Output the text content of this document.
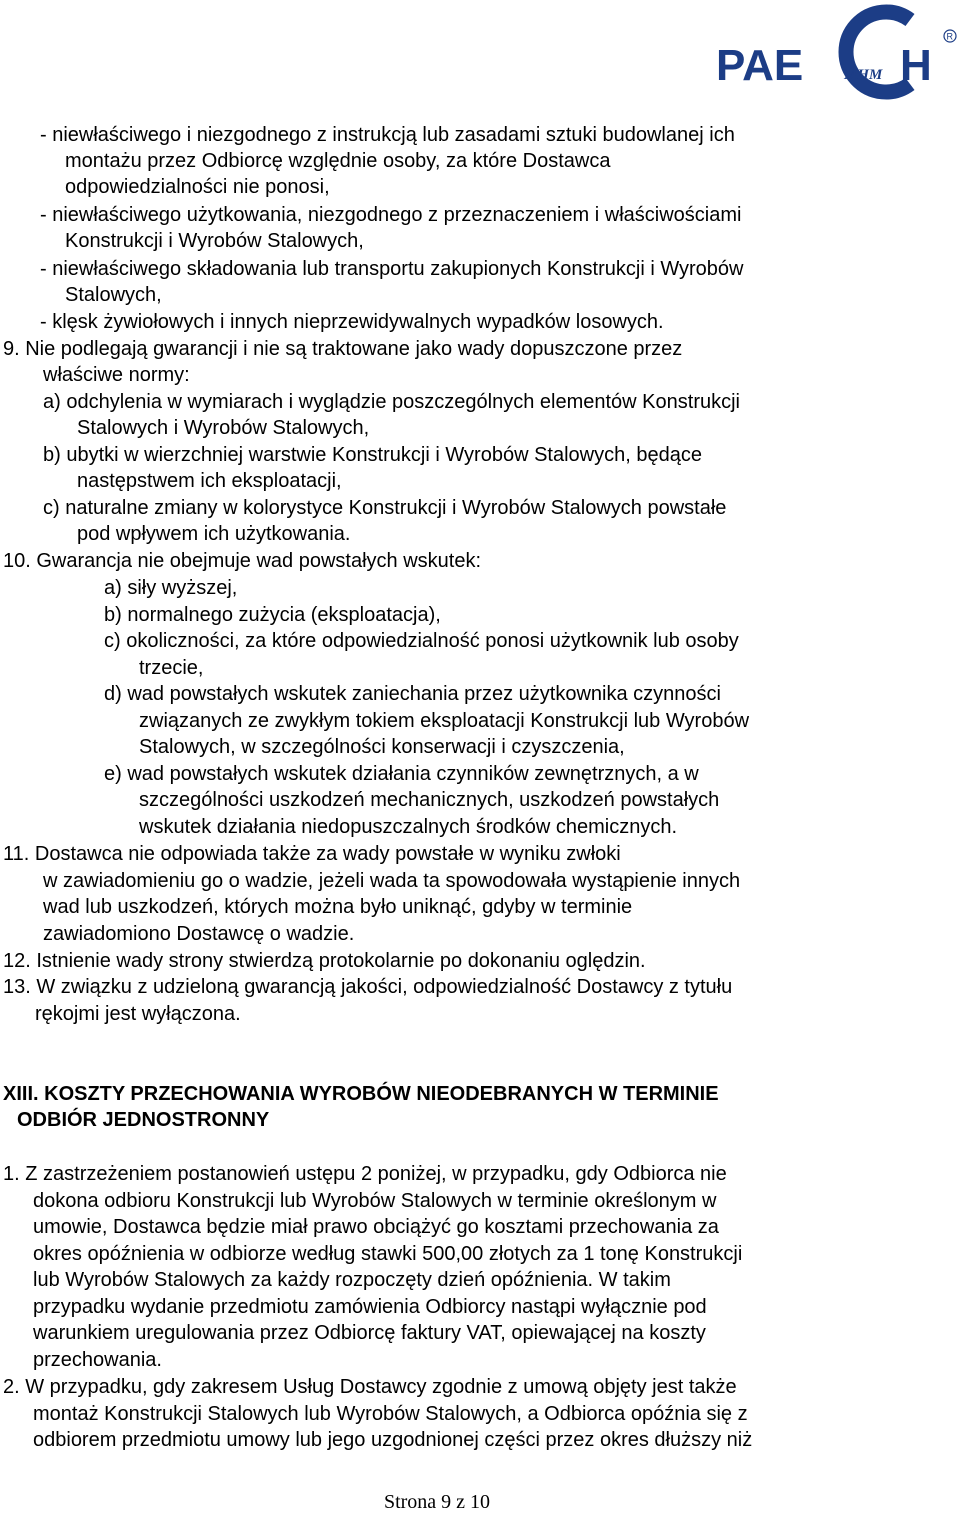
PAE H
MHM
R
- niewłaściwego i niezgodnego z instrukcją lub zasadami sztuki budowlanej ich
montażu przez Odbiorcę względnie osoby, za które Dostawca
odpowiedzialności nie ponosi,
- niewłaściwego użytkowania, niezgodnego z przeznaczeniem i właściwościami
Konstrukcji i Wyrobów Stalowych,
- niewłaściwego składowania lub transportu zakupionych Konstrukcji i Wyrobów
Stalowych,
- klęsk żywiołowych i innych nieprzewidywalnych wypadków losowych.
9. Nie podlegają gwarancji i nie są traktowane jako wady dopuszczone przez
właściwe normy:
a) odchylenia w wymiarach i wyglądzie poszczególnych elementów Konstrukcji
Stalowych i Wyrobów Stalowych,
b) ubytki w wierzchniej warstwie Konstrukcji i Wyrobów Stalowych, będące
następstwem ich eksploatacji,
c) naturalne zmiany w kolorystyce Konstrukcji i Wyrobów Stalowych powstałe
pod wpływem ich użytkowania.
10. Gwarancja nie obejmuje wad powstałych wskutek:
a) siły wyższej,
b) normalnego zużycia (eksploatacja),
c) okoliczności, za które odpowiedzialność ponosi użytkownik lub osoby
trzecie,
d) wad powstałych wskutek zaniechania przez użytkownika czynności
związanych ze zwykłym tokiem eksploatacji Konstrukcji lub Wyrobów
Stalowych, w szczególności konserwacji i czyszczenia,
e) wad powstałych wskutek działania czynników zewnętrznych, a w
szczególności uszkodzeń mechanicznych, uszkodzeń powstałych
wskutek działania niedopuszczalnych środków chemicznych.
11. Dostawca nie odpowiada także za wady powstałe w wyniku zwłoki
w zawiadomieniu go o wadzie, jeżeli wada ta spowodowała wystąpienie innych
wad lub uszkodzeń, których można było uniknąć, gdyby w terminie
zawiadomiono Dostawcę o wadzie.
12. Istnienie wady strony stwierdzą protokolarnie po dokonaniu oględzin.
13. W związku z udzieloną gwarancją jakości, odpowiedzialność Dostawcy z tytułu
rękojmi jest wyłączona.
XIII. KOSZTY PRZECHOWANIA WYROBÓW NIEODEBRANYCH W TERMINIE
ODBIÓR JEDNOSTRONNY
1. Z zastrzeżeniem postanowień ustępu 2 poniżej, w przypadku, gdy Odbiorca nie
dokona odbioru Konstrukcji lub Wyrobów Stalowych w terminie określonym w
umowie, Dostawca będzie miał prawo obciążyć go kosztami przechowania za
okres opóźnienia w odbiorze według stawki 500,00 złotych za 1 tonę Konstrukcji
lub Wyrobów Stalowych za każdy rozpoczęty dzień opóźnienia. W takim
przypadku wydanie przedmiotu zamówienia Odbiorcy nastąpi wyłącznie pod
warunkiem uregulowania przez Odbiorcę faktury VAT, opiewającej na koszty
przechowania.
2. W przypadku, gdy zakresem Usług Dostawcy zgodnie z umową objęty jest także
montaż Konstrukcji Stalowych lub Wyrobów Stalowych, a Odbiorca opóźnia się z
odbiorem przedmiotu umowy lub jego uzgodnionej części przez okres dłuższy niż
Strona 9 z 10
